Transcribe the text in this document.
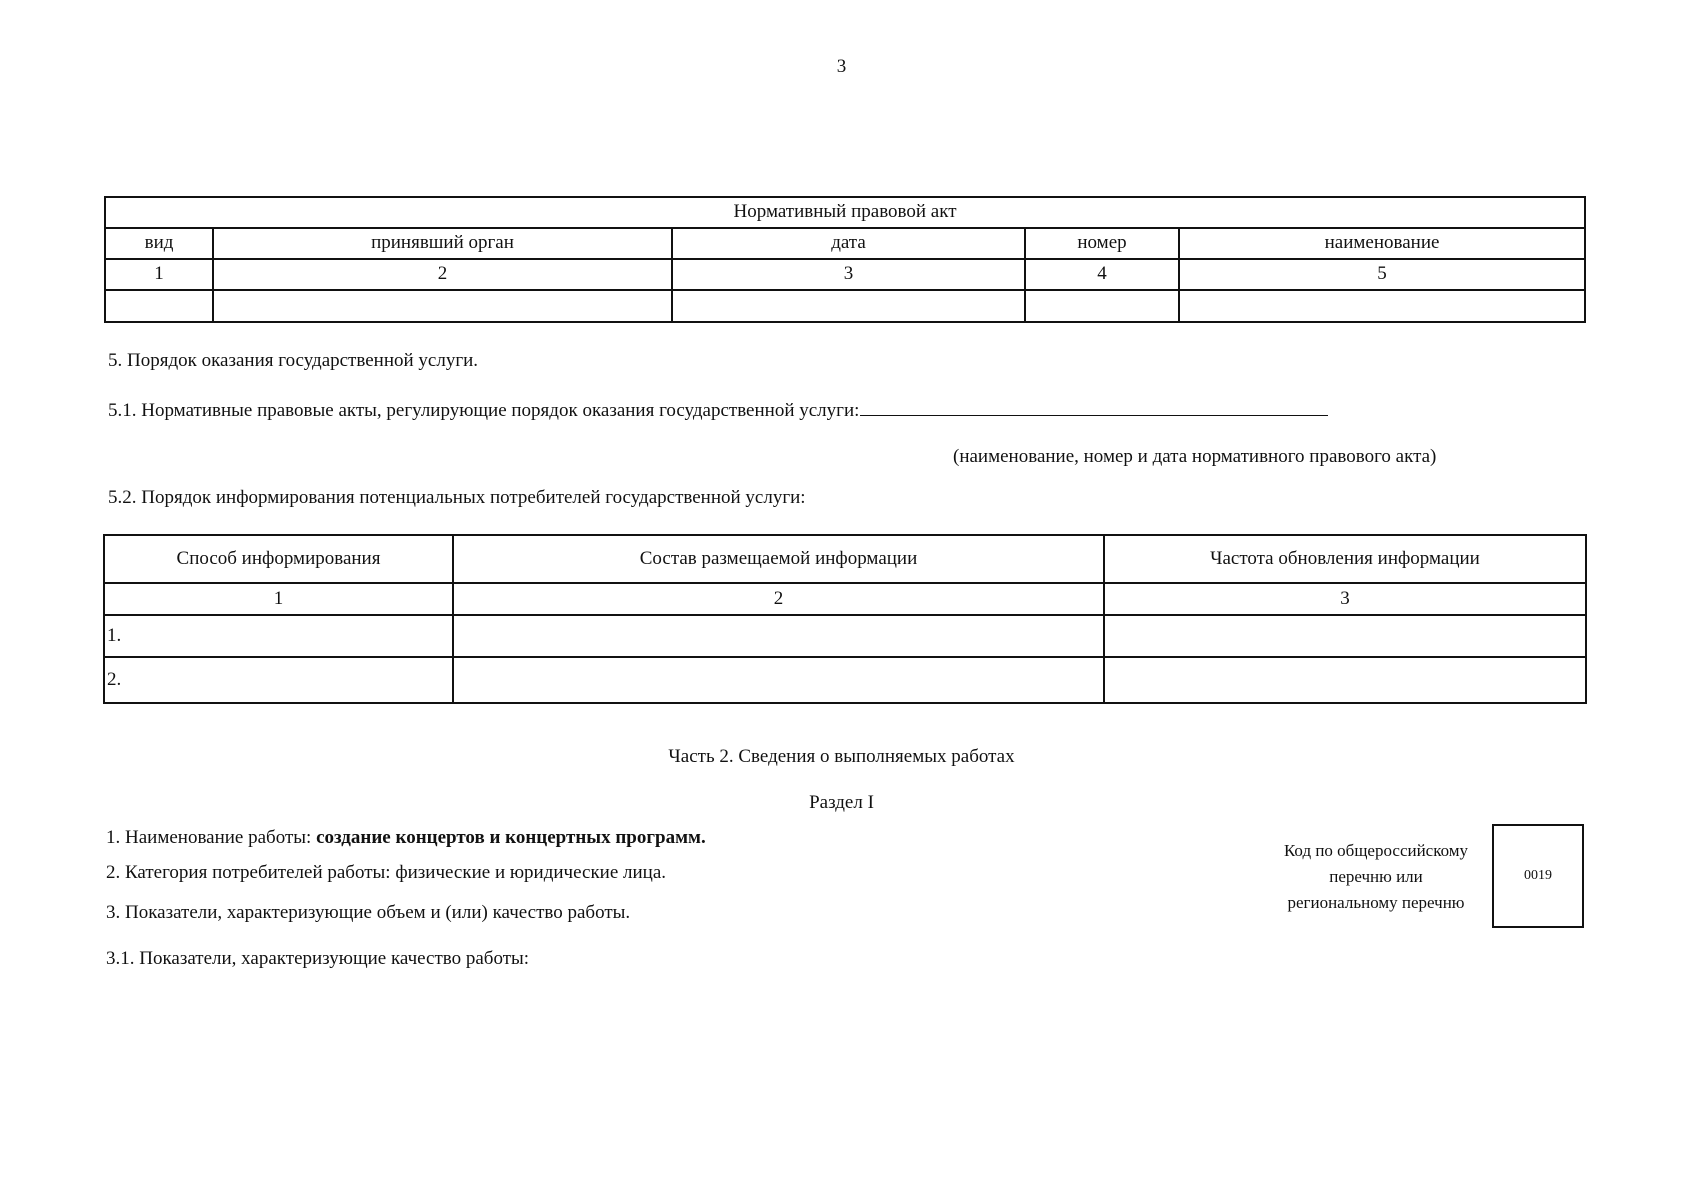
3
Нормативный правовой акт				
вид	принявший орган	дата	номер	наименование
1	2	3	4	5

5. Порядок оказания государственной услуги.
5.1. Нормативные правовые акты, регулирующие порядок оказания государственной услуги:
(наименование, номер и дата нормативного правового акта)
5.2. Порядок информирования потенциальных потребителей государственной услуги:
Способ информирования	Состав размещаемой информации	Частота обновления информации
1	2	3
1.		
2.		
Часть 2. Сведения о выполняемых работах
Раздел I
1. Наименование работы: создание концертов и концертных программ.
2. Категория потребителей работы: физические и юридические лица.
3. Показатели, характеризующие объем и (или) качество работы.
3.1. Показатели, характеризующие качество работы:
Код по общероссийскому
перечню или
региональному перечню
0019
